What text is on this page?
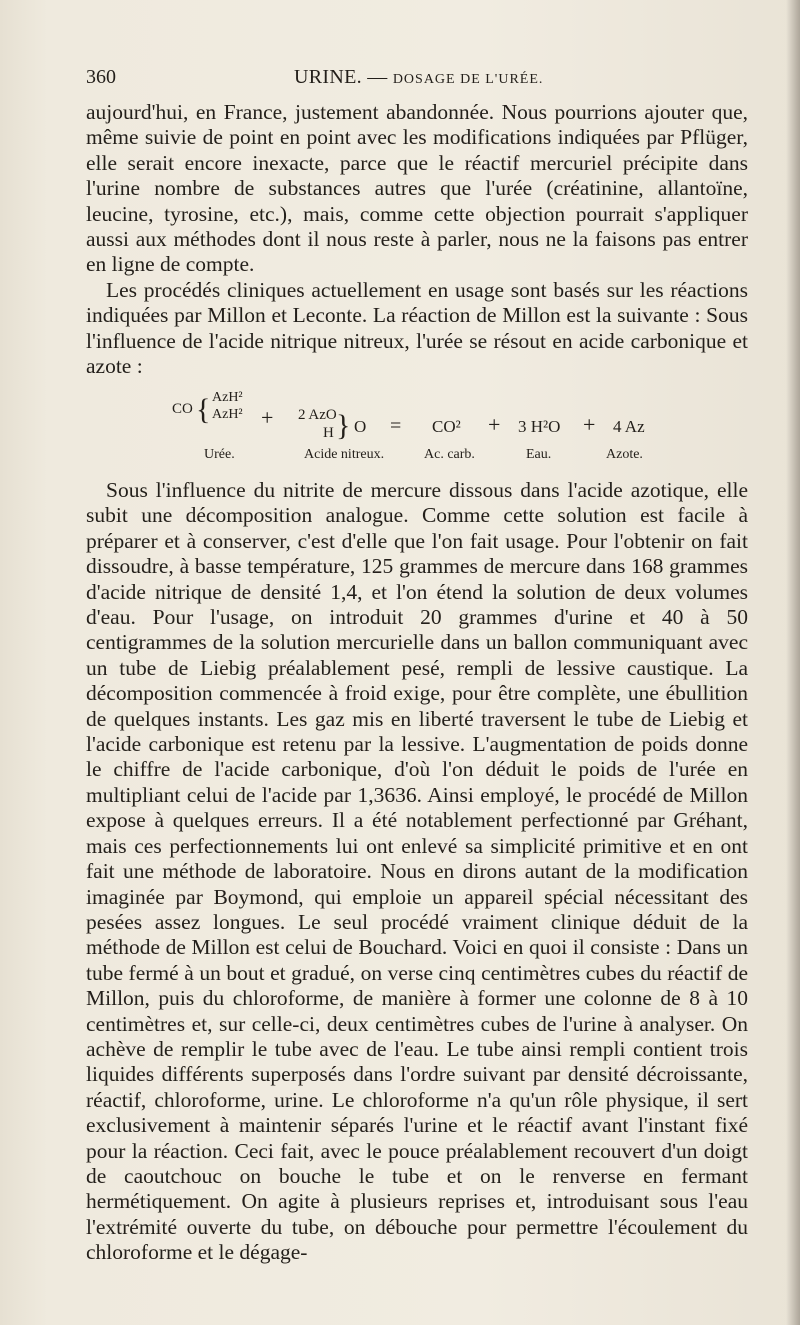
360	URINE. — DOSAGE DE L'URÉE.

aujourd'hui, en France, justement abandonnée. Nous pourrions ajouter que, même suivie de point en point avec les modifications indiquées par Pflüger, elle serait encore inexacte, parce que le réactif mercuriel précipite dans l'urine nombre de substances autres que l'urée (créatinine, allantoïne, leucine, tyrosine, etc.), mais, comme cette objection pourrait s'appliquer aussi aux méthodes dont il nous reste à parler, nous ne la faisons pas entrer en ligne de compte.

Les procédés cliniques actuellement en usage sont basés sur les réactions indiquées par Millon et Leconte. La réaction de Millon est la suivante : Sous l'influence de l'acide nitrique nitreux, l'urée se résout en acide carbonique et azote :

CO { AzH²
AzH² + 2 AzO
H } O = CO² + 3 H²O + 4 Az
Urée.	Acide nitreux.	Ac. carb.	Eau.	Azote.

Sous l'influence du nitrite de mercure dissous dans l'acide azotique, elle subit une décomposition analogue. Comme cette solution est facile à préparer et à conserver, c'est d'elle que l'on fait usage. Pour l'obtenir on fait dissoudre, à basse température, 125 grammes de mercure dans 168 grammes d'acide nitrique de densité 1,4, et l'on étend la solution de deux volumes d'eau. Pour l'usage, on introduit 20 grammes d'urine et 40 à 50 centigrammes de la solution mercurielle dans un ballon communiquant avec un tube de Liebig préalablement pesé, rempli de lessive caustique. La décomposition commencée à froid exige, pour être complète, une ébullition de quelques instants. Les gaz mis en liberté traversent le tube de Liebig et l'acide carbonique est retenu par la lessive. L'augmentation de poids donne le chiffre de l'acide carbonique, d'où l'on déduit le poids de l'urée en multipliant celui de l'acide par 1,3636. Ainsi employé, le procédé de Millon expose à quelques erreurs. Il a été notablement perfectionné par Gréhant, mais ces perfectionnements lui ont enlevé sa simplicité primitive et en ont fait une méthode de laboratoire. Nous en dirons autant de la modification imaginée par Boymond, qui emploie un appareil spécial nécessitant des pesées assez longues. Le seul procédé vraiment clinique déduit de la méthode de Millon est celui de Bouchard. Voici en quoi il consiste : Dans un tube fermé à un bout et gradué, on verse cinq centimètres cubes du réactif de Millon, puis du chloroforme, de manière à former une colonne de 8 à 10 centimètres et, sur celle-ci, deux centimètres cubes de l'urine à analyser. On achève de remplir le tube avec de l'eau. Le tube ainsi rempli contient trois liquides différents superposés dans l'ordre suivant par densité décroissante, réactif, chloroforme, urine. Le chloroforme n'a qu'un rôle physique, il sert exclusivement à maintenir séparés l'urine et le réactif avant l'instant fixé pour la réaction. Ceci fait, avec le pouce préalablement recouvert d'un doigt de caoutchouc on bouche le tube et on le renverse en fermant hermétiquement. On agite à plusieurs reprises et, introduisant sous l'eau l'extrémité ouverte du tube, on débouche pour permettre l'écoulement du chloroforme et le dégage-
